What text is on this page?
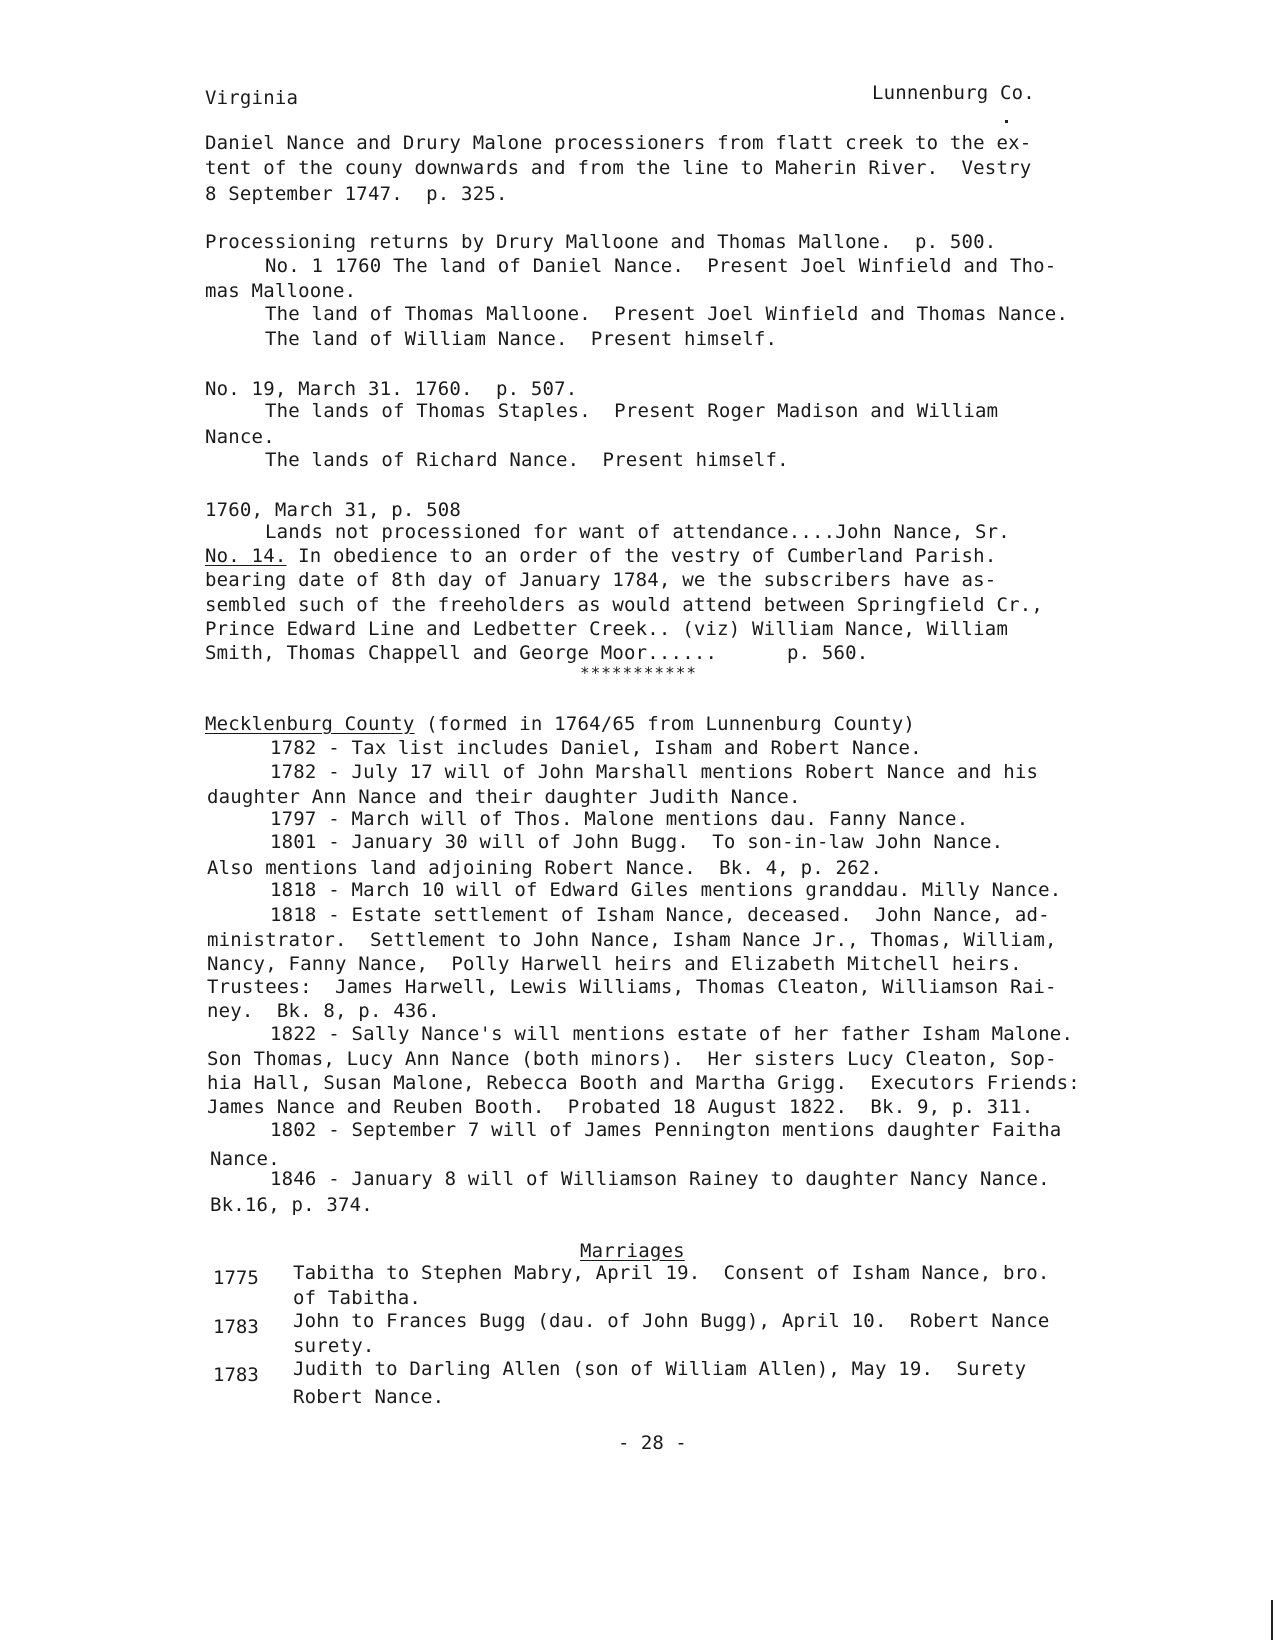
Virginia	Lunnenburg Co.
Daniel Nance and Drury Malone processioners from flatt creek to the ex-
tent of the couny downwards and from the line to Maherin River.  Vestry
8 September 1747.  p. 325.
Processioning returns by Drury Malloone and Thomas Mallone.  p. 500.
No. 1 1760 The land of Daniel Nance.  Present Joel Winfield and Tho-
mas Malloone.
The land of Thomas Malloone.  Present Joel Winfield and Thomas Nance.
The land of William Nance.  Present himself.
No. 19, March 31. 1760.  p. 507.
The lands of Thomas Staples.  Present Roger Madison and William
Nance.
The lands of Richard Nance.  Present himself.
1760, March 31, p. 508
Lands not processioned for want of attendance....John Nance, Sr.
No. 14. In obedience to an order of the vestry of Cumberland Parish.
bearing date of 8th day of January 1784, we the subscribers have as-
sembled such of the freeholders as would attend between Springfield Cr.,
Prince Edward Line and Ledbetter Creek.. (viz) William Nance, William
Smith, Thomas Chappell and George Moor......      p. 560.
***********
Mecklenburg County (formed in 1764/65 from Lunnenburg County)
1782 - Tax list includes Daniel, Isham and Robert Nance.
1782 - July 17 will of John Marshall mentions Robert Nance and his
daughter Ann Nance and their daughter Judith Nance.
1797 - March will of Thos. Malone mentions dau. Fanny Nance.
1801 - January 30 will of John Bugg.  To son-in-law John Nance.
Also mentions land adjoining Robert Nance.  Bk. 4, p. 262.
1818 - March 10 will of Edward Giles mentions granddau. Milly Nance.
1818 - Estate settlement of Isham Nance, deceased.  John Nance, ad-
ministrator.  Settlement to John Nance, Isham Nance Jr., Thomas, William,
Nancy, Fanny Nance,  Polly Harwell heirs and Elizabeth Mitchell heirs.
Trustees:  James Harwell, Lewis Williams, Thomas Cleaton, Williamson Rai-
ney.  Bk. 8, p. 436.
1822 - Sally Nance's will mentions estate of her father Isham Malone.
Son Thomas, Lucy Ann Nance (both minors).  Her sisters Lucy Cleaton, Sop-
hia Hall, Susan Malone, Rebecca Booth and Martha Grigg.  Executors Friends:
James Nance and Reuben Booth.  Probated 18 August 1822.  Bk. 9, p. 311.
1802 - September 7 will of James Pennington mentions daughter Faitha
Nance.
1846 - January 8 will of Williamson Rainey to daughter Nancy Nance.
Bk.16, p. 374.
Marriages
1775 Tabitha to Stephen Mabry, April 19.  Consent of Isham Nance, bro.
of Tabitha.
1783 John to Frances Bugg (dau. of John Bugg), April 10.  Robert Nance
surety.
1783 Judith to Darling Allen (son of William Allen), May 19.  Surety
Robert Nance.
- 28 -
